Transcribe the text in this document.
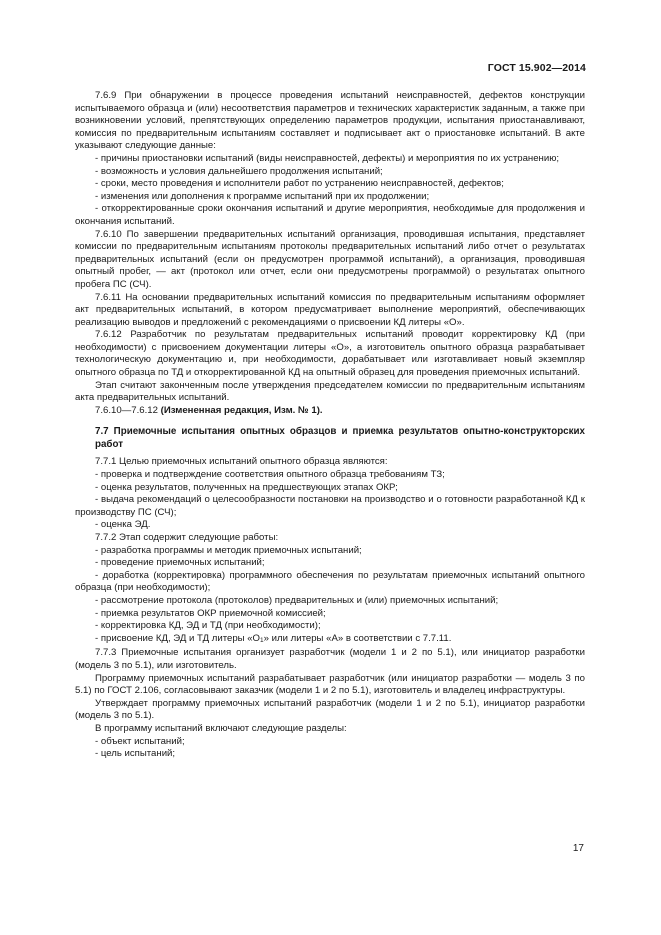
ГОСТ 15.902—2014

7.6.9 При обнаружении в процессе проведения испытаний неисправностей, дефектов конструкции испытываемого образца и (или) несоответствия параметров и технических характеристик заданным, а также при возникновении условий, препятствующих определению параметров продукции, испытания приостанавливают, комиссия по предварительным испытаниям составляет и подписывает акт о приостановке испытаний. В акте указывают следующие данные:

- причины приостановки испытаний (виды неисправностей, дефекты) и мероприятия по их устранению;

- возможность и условия дальнейшего продолжения испытаний;

- сроки, место проведения и исполнители работ по устранению неисправностей, дефектов;

- изменения или дополнения к программе испытаний при их продолжении;

- откорректированные сроки окончания испытаний и другие мероприятия, необходимые для продолжения и окончания испытаний.

7.6.10 По завершении предварительных испытаний организация, проводившая испытания, представляет комиссии по предварительным испытаниям протоколы предварительных испытаний либо отчет о результатах предварительных испытаний (если он предусмотрен программой испытаний), а организация, проводившая опытный пробег, — акт (протокол или отчет, если они предусмотрены программой) о результатах опытного пробега ПС (СЧ).

7.6.11 На основании предварительных испытаний комиссия по предварительным испытаниям оформляет акт предварительных испытаний, в котором предусматривает выполнение мероприятий, обеспечивающих реализацию выводов и предложений с рекомендациями о присвоении КД литеры «О».

7.6.12 Разработчик по результатам предварительных испытаний проводит корректировку КД (при необходимости) с присвоением документации литеры «О», а изготовитель опытного образца разрабатывает технологическую документацию и, при необходимости, дорабатывает или изготавливает новый экземпляр опытного образца по ТД и откорректированной КД на опытный образец для проведения приемочных испытаний.

Этап считают законченным после утверждения председателем комиссии по предварительным испытаниям акта предварительных испытаний.

7.6.10—7.6.12 (Измененная редакция, Изм. № 1).

7.7 Приемочные испытания опытных образцов и приемка результатов опытно-конструкторских работ

7.7.1 Целью приемочных испытаний опытного образца являются:

- проверка и подтверждение соответствия опытного образца требованиям ТЗ;

- оценка результатов, полученных на предшествующих этапах ОКР;

- выдача рекомендаций о целесообразности постановки на производство и о готовности разработанной КД к производству ПС (СЧ);

- оценка ЭД.

7.7.2 Этап содержит следующие работы:

- разработка программы и методик приемочных испытаний;

- проведение приемочных испытаний;

- доработка (корректировка) программного обеспечения по результатам приемочных испытаний опытного образца (при необходимости);

- рассмотрение протокола (протоколов) предварительных и (или) приемочных испытаний;

- приемка результатов ОКР приемочной комиссией;

- корректировка КД, ЭД и ТД (при необходимости);

- присвоение КД, ЭД и ТД литеры «$О_1$» или литеры «А» в соответствии с 7.7.11.

7.7.3 Приемочные испытания организует разработчик (модели 1 и 2 по 5.1), или инициатор разработки (модель 3 по 5.1), или изготовитель.

Программу приемочных испытаний разрабатывает разработчик (или инициатор разработки — модель 3 по 5.1) по ГОСТ 2.106, согласовывают заказчик (модели 1 и 2 по 5.1), изготовитель и владелец инфраструктуры.

Утверждает программу приемочных испытаний разработчик (модели 1 и 2 по 5.1), инициатор разработки (модель 3 по 5.1).

В программу испытаний включают следующие разделы:

- объект испытаний;

- цель испытаний;

17
